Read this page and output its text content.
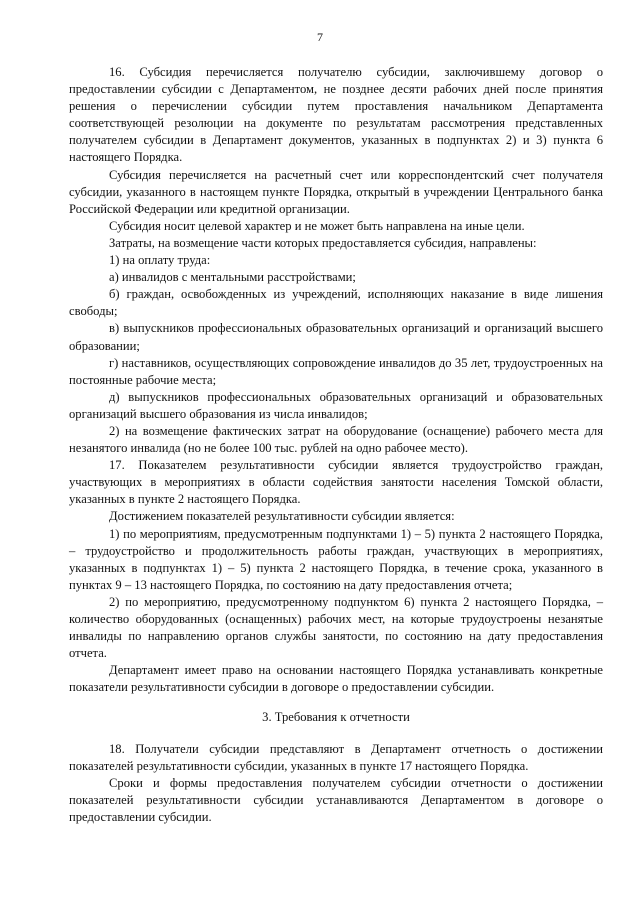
7

16. Субсидия перечисляется получателю субсидии, заключившему договор о предоставлении субсидии с Департаментом, не позднее десяти рабочих дней после принятия решения о перечислении субсидии путем проставления начальником Департамента соответствующей резолюции на документе по результатам рассмотрения представленных получателем субсидии в Департамент документов, указанных в подпунктах 2) и 3) пункта 6 настоящего Порядка.

Субсидия перечисляется на расчетный счет или корреспондентский счет получателя субсидии, указанного в настоящем пункте Порядка, открытый в учреждении Центрального банка Российской Федерации или кредитной организации.

Субсидия носит целевой характер и не может быть направлена на иные цели.

Затраты, на возмещение части которых предоставляется субсидия, направлены:

1) на оплату труда:

а) инвалидов с ментальными расстройствами;

б) граждан, освобожденных из учреждений, исполняющих наказание в виде лишения свободы;

в) выпускников профессиональных образовательных организаций и организаций высшего образовании;

г) наставников, осуществляющих сопровождение инвалидов до 35 лет, трудоустроенных на постоянные рабочие места;

д) выпускников профессиональных образовательных организаций и образовательных организаций высшего образования из числа инвалидов;

2) на возмещение фактических затрат на оборудование (оснащение) рабочего места для незанятого инвалида (но не более 100 тыс. рублей на одно рабочее место).

17. Показателем результативности субсидии является трудоустройство граждан, участвующих в мероприятиях в области содействия занятости населения Томской области, указанных в пункте 2 настоящего Порядка.

Достижением показателей результативности субсидии является:

1) по мероприятиям, предусмотренным подпунктами 1) – 5) пункта 2 настоящего Порядка, – трудоустройство и продолжительность работы граждан, участвующих в мероприятиях, указанных в подпунктах 1) – 5) пункта 2 настоящего Порядка, в течение срока, указанного в пунктах 9 – 13 настоящего Порядка, по состоянию на дату предоставления отчета;

2) по мероприятию, предусмотренному подпунктом 6) пункта 2 настоящего Порядка, – количество оборудованных (оснащенных) рабочих мест, на которые трудоустроены незанятые инвалиды по направлению органов службы занятости, по состоянию на дату предоставления отчета.

Департамент имеет право на основании настоящего Порядка устанавливать конкретные показатели результативности субсидии в договоре о предоставлении субсидии.

3. Требования к отчетности

18. Получатели субсидии представляют в Департамент отчетность о достижении показателей результативности субсидии, указанных в пункте 17 настоящего Порядка.

Сроки и формы предоставления получателем субсидии отчетности о достижении показателей результативности субсидии устанавливаются Департаментом в договоре о предоставлении субсидии.
